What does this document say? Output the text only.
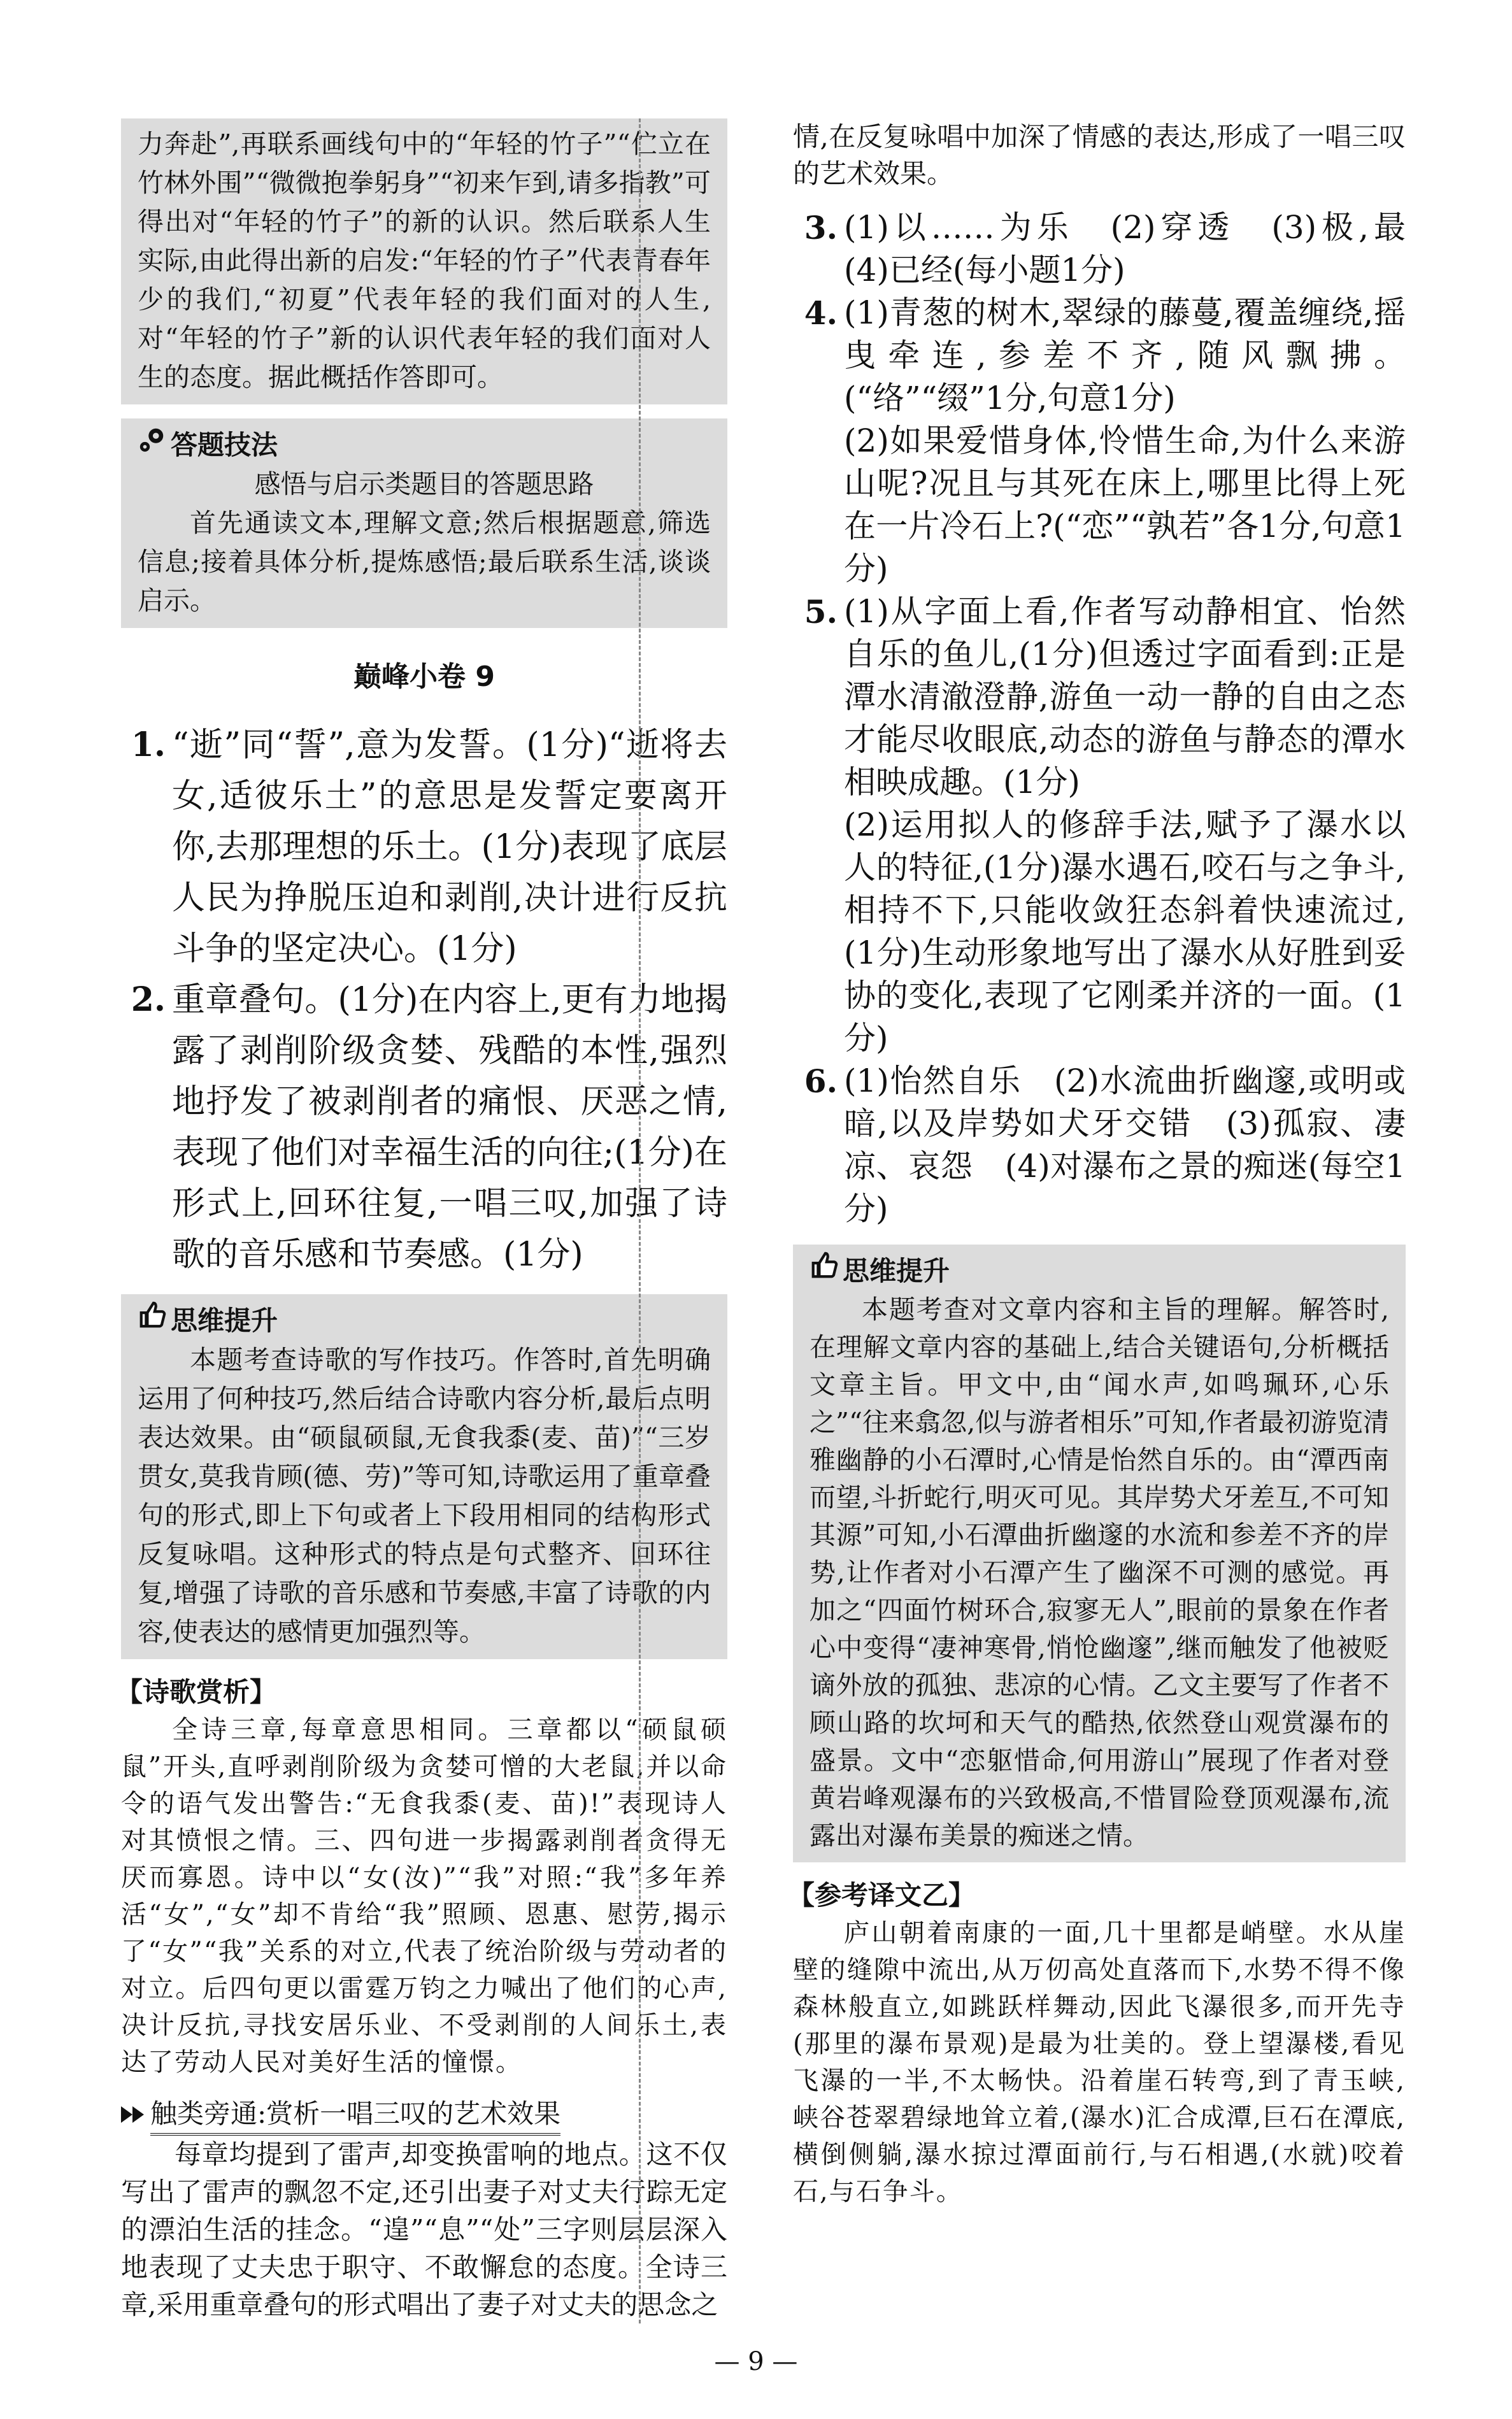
力奔赴”,再联系画线句中的“年轻的竹子”“伫立在竹林外围”“微微抱拳躬身”“初来乍到,请多指教”可得出对“年轻的竹子”的新的认识。然后联系人生实际,由此得出新的启发:“年轻的竹子”代表青春年少的我们,“初夏”代表年轻的我们面对的人生,对“年轻的竹子”新的认识代表年轻的我们面对人生的态度。据此概括作答即可。

答题技法

感悟与启示类题目的答题思路

首先通读文本,理解文意;然后根据题意,筛选信息;接着具体分析,提炼感悟;最后联系生活,谈谈启示。

巅峰小卷 9
1. “逝”同“誓”,意为发誓。(1分)“逝将去女,适彼乐土”的意思是发誓定要离开你,去那理想的乐土。(1分)表现了底层人民为挣脱压迫和剥削,决计进行反抗斗争的坚定决心。(1分)

2. 重章叠句。(1分)在内容上,更有力地揭露了剥削阶级贪婪、残酷的本性,强烈地抒发了被剥削者的痛恨、厌恶之情,表现了他们对幸福生活的向往;(1分)在形式上,回环往复,一唱三叹,加强了诗歌的音乐感和节奏感。(1分)

思维提升

本题考查诗歌的写作技巧。作答时,首先明确运用了何种技巧,然后结合诗歌内容分析,最后点明表达效果。由“硕鼠硕鼠,无食我黍(麦、苗)”“三岁贯女,莫我肯顾(德、劳)”等可知,诗歌运用了重章叠句的形式,即上下句或者上下段用相同的结构形式反复咏唱。这种形式的特点是句式整齐、回环往复,增强了诗歌的音乐感和节奏感,丰富了诗歌的内容,使表达的感情更加强烈等。

【诗歌赏析】

全诗三章,每章意思相同。三章都以“硕鼠硕鼠”开头,直呼剥削阶级为贪婪可憎的大老鼠,并以命令的语气发出警告:“无食我黍(麦、苗)!”表现诗人对其愤恨之情。三、四句进一步揭露剥削者贪得无厌而寡恩。诗中以“女(汝)”“我”对照:“我”多年养活“女”,“女”却不肯给“我”照顾、恩惠、慰劳,揭示了“女”“我”关系的对立,代表了统治阶级与劳动者的对立。后四句更以雷霆万钧之力喊出了他们的心声,决计反抗,寻找安居乐业、不受剥削的人间乐土,表达了劳动人民对美好生活的憧憬。

触类旁通:赏析一唱三叹的艺术效果

每章均提到了雷声,却变换雷响的地点。这不仅写出了雷声的飘忽不定,还引出妻子对丈夫行踪无定的漂泊生活的挂念。“遑”“息”“处”三字则层层深入地表现了丈夫忠于职守、不敢懈怠的态度。全诗三章,采用重章叠句的形式唱出了妻子对丈夫的思念之

情,在反复咏唱中加深了情感的表达,形成了一唱三叹的艺术效果。

3. (1)以……为乐　(2)穿透　(3)极,最　(4)已经(每小题1分)

4. (1)青葱的树木,翠绿的藤蔓,覆盖缠绕,摇曳牵连,参差不齐,随风飘拂。(“络”“缀”1分,句意1分)

(2)如果爱惜身体,怜惜生命,为什么来游山呢?况且与其死在床上,哪里比得上死在一片冷石上?(“恋”“孰若”各1分,句意1分)

5. (1)从字面上看,作者写动静相宜、怡然自乐的鱼儿,(1分)但透过字面看到:正是潭水清澈澄静,游鱼一动一静的自由之态才能尽收眼底,动态的游鱼与静态的潭水相映成趣。(1分)

(2)运用拟人的修辞手法,赋予了瀑水以人的特征,(1分)瀑水遇石,咬石与之争斗,相持不下,只能收敛狂态斜着快速流过,(1分)生动形象地写出了瀑水从好胜到妥协的变化,表现了它刚柔并济的一面。(1分)

6. (1)怡然自乐　(2)水流曲折幽邃,或明或暗,以及岸势如犬牙交错　(3)孤寂、凄凉、哀怨　(4)对瀑布之景的痴迷(每空1分)

思维提升

本题考查对文章内容和主旨的理解。解答时,在理解文章内容的基础上,结合关键语句,分析概括文章主旨。甲文中,由“闻水声,如鸣珮环,心乐之”“往来翕忽,似与游者相乐”可知,作者最初游览清雅幽静的小石潭时,心情是怡然自乐的。由“潭西南而望,斗折蛇行,明灭可见。其岸势犬牙差互,不可知其源”可知,小石潭曲折幽邃的水流和参差不齐的岸势,让作者对小石潭产生了幽深不可测的感觉。再加之“四面竹树环合,寂寥无人”,眼前的景象在作者心中变得“凄神寒骨,悄怆幽邃”,继而触发了他被贬谪外放的孤独、悲凉的心情。乙文主要写了作者不顾山路的坎坷和天气的酷热,依然登山观赏瀑布的盛景。文中“恋躯惜命,何用游山”展现了作者对登黄岩峰观瀑布的兴致极高,不惜冒险登顶观瀑布,流露出对瀑布美景的痴迷之情。

【参考译文乙】

庐山朝着南康的一面,几十里都是峭壁。水从崖壁的缝隙中流出,从万仞高处直落而下,水势不得不像森林般直立,如跳跃样舞动,因此飞瀑很多,而开先寺(那里的瀑布景观)是最为壮美的。登上望瀑楼,看见飞瀑的一半,不太畅快。沿着崖石转弯,到了青玉峡,峡谷苍翠碧绿地耸立着,(瀑水)汇合成潭,巨石在潭底,横倒侧躺,瀑水掠过潭面前行,与石相遇,(水就)咬着石,与石争斗。

— 9 —
